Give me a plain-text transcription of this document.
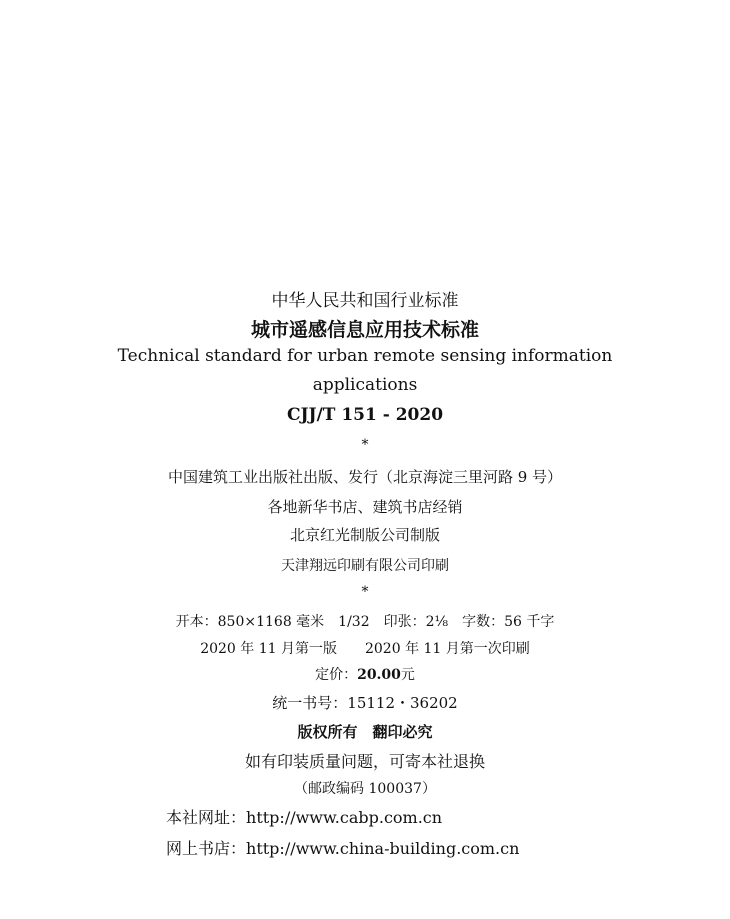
中华人民共和国行业标准
城市遥感信息应用技术标准
Technical standard for urban remote sensing information
applications
CJJ/T 151 - 2020
*
中国建筑工业出版社出版、发行（北京海淀三里河路 9 号）
各地新华书店、建筑书店经销
北京红光制版公司制版
天津翔远印刷有限公司印刷
*
开本：850×1168 毫米　1/32　印张：2⅛　字数：56 千字
2020 年 11 月第一版　　2020 年 11 月第一次印刷
定价：20.00元
统一书号：15112・36202
版权所有　翻印必究
如有印装质量问题，可寄本社退换
（邮政编码 100037）
本社网址：http://www.cabp.com.cn
网上书店：http://www.china-building.com.cn
